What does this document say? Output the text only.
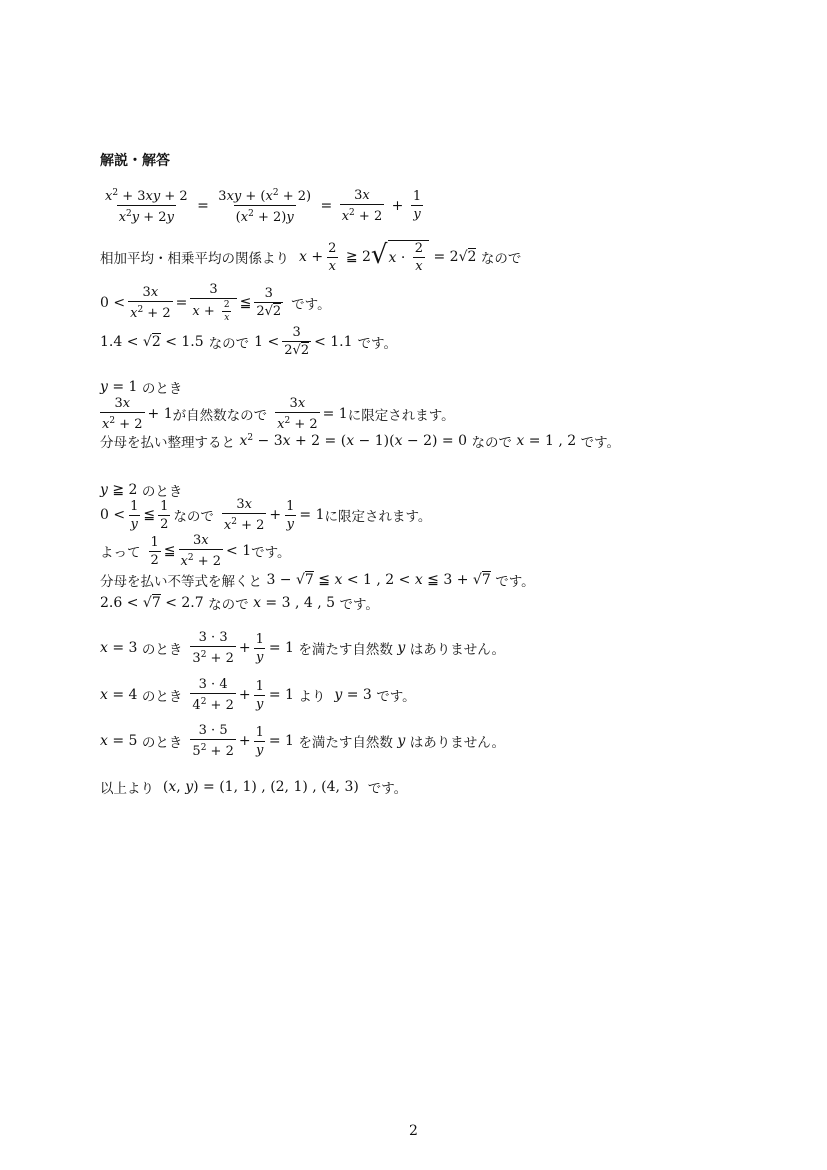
解説・解答
$\frac{x^2 + 3xy + 2}{x^2y + 2y} = \frac{3xy + (x^2 + 2)}{(x^2 + 2)y} = \frac{3x}{x^2 + 2} + \frac{1}{y}$
相加平均・相乗平均の関係より $x + \frac{2}{x}$ ≧ 2 √ $x \cdot \frac{2}{x} = 2√2$ なので
$0 < \frac{3x}{x^2 + 2} = \frac{3}{x + \frac{2}{x}}$ ≦ $\frac{3}{2√2}$ です。
1.4 < √2 < 1.5 なので $1 < \frac{3}{2√2} < 1.1$ です。
y = 1 のとき
$\frac{3x}{x^2 + 2} + 1$ が自然数なので $\frac{3x}{x^2 + 2} = 1$ に限定されます。
分母を払い整理すると $x^2 - 3x + 2 = (x - 1)(x - 2) = 0$ なので x = 1 , 2 です。
y ≧ 2 のとき
$0 < \frac{1}{y}$ ≦ $\frac{1}{2}$ なので $\frac{3x}{x^2 + 2} + \frac{1}{y} = 1$ に限定されます。
よって $\frac{1}{2}$ ≦ $\frac{3x}{x^2 + 2} < 1$ です。
分母を払い不等式を解くと 3 − √7 ≦ x < 1 , 2 < x ≦ 3 + √7 です。
2.6 < √7 < 2.7 なので x = 3 , 4 , 5 です。
x = 3 のとき $\frac{3 \cdot 3}{3^2 + 2} + \frac{1}{y} = 1$ を満たす自然数 y はありません。
x = 4 のとき $\frac{3 \cdot 4}{4^2 + 2} + \frac{1}{y} = 1$ より y = 3 です。
x = 5 のとき $\frac{3 \cdot 5}{5^2 + 2} + \frac{1}{y} = 1$ を満たす自然数 y はありません。
以上より (x, y) = (1, 1) , (2, 1) , (4, 3) です。
2
